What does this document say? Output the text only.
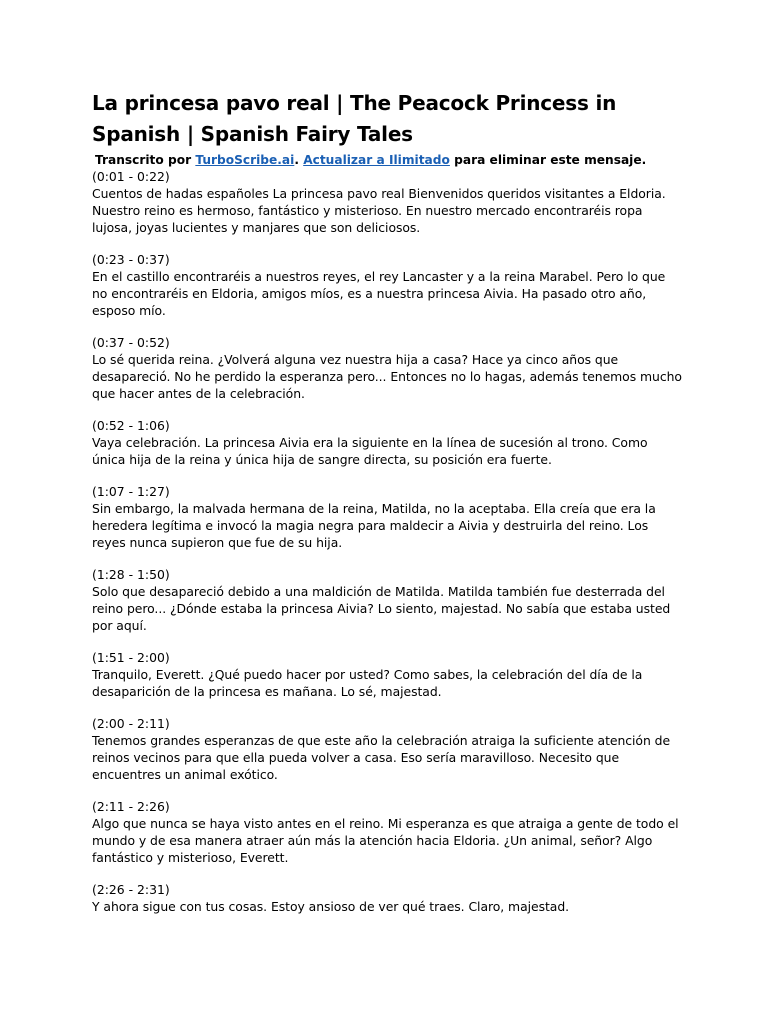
La princesa pavo real | The Peacock Princess in Spanish | Spanish Fairy Tales
Transcrito por TurboScribe.ai. Actualizar a Ilimitado para eliminar este mensaje.

(0:01 - 0:22)

Cuentos de hadas españoles La princesa pavo real Bienvenidos queridos visitantes a Eldoria. Nuestro reino es hermoso, fantástico y misterioso. En nuestro mercado encontraréis ropa lujosa, joyas lucientes y manjares que son deliciosos.

(0:23 - 0:37)

En el castillo encontraréis a nuestros reyes, el rey Lancaster y a la reina Marabel. Pero lo que no encontraréis en Eldoria, amigos míos, es a nuestra princesa Aivia. Ha pasado otro año, esposo mío.

(0:37 - 0:52)

Lo sé querida reina. ¿Volverá alguna vez nuestra hija a casa? Hace ya cinco años que desapareció. No he perdido la esperanza pero... Entonces no lo hagas, además tenemos mucho que hacer antes de la celebración.

(0:52 - 1:06)

Vaya celebración. La princesa Aivia era la siguiente en la línea de sucesión al trono. Como única hija de la reina y única hija de sangre directa, su posición era fuerte.

(1:07 - 1:27)

Sin embargo, la malvada hermana de la reina, Matilda, no la aceptaba. Ella creía que era la heredera legítima e invocó la magia negra para maldecir a Aivia y destruirla del reino. Los reyes nunca supieron que fue de su hija.

(1:28 - 1:50)

Solo que desapareció debido a una maldición de Matilda. Matilda también fue desterrada del reino pero... ¿Dónde estaba la princesa Aivia? Lo siento, majestad. No sabía que estaba usted por aquí.

(1:51 - 2:00)

Tranquilo, Everett. ¿Qué puedo hacer por usted? Como sabes, la celebración del día de la desaparición de la princesa es mañana. Lo sé, majestad.

(2:00 - 2:11)

Tenemos grandes esperanzas de que este año la celebración atraiga la suficiente atención de reinos vecinos para que ella pueda volver a casa. Eso sería maravilloso. Necesito que encuentres un animal exótico.

(2:11 - 2:26)

Algo que nunca se haya visto antes en el reino. Mi esperanza es que atraiga a gente de todo el mundo y de esa manera atraer aún más la atención hacia Eldoria. ¿Un animal, señor? Algo fantástico y misterioso, Everett.

(2:26 - 2:31)

Y ahora sigue con tus cosas. Estoy ansioso de ver qué traes. Claro, majestad.
